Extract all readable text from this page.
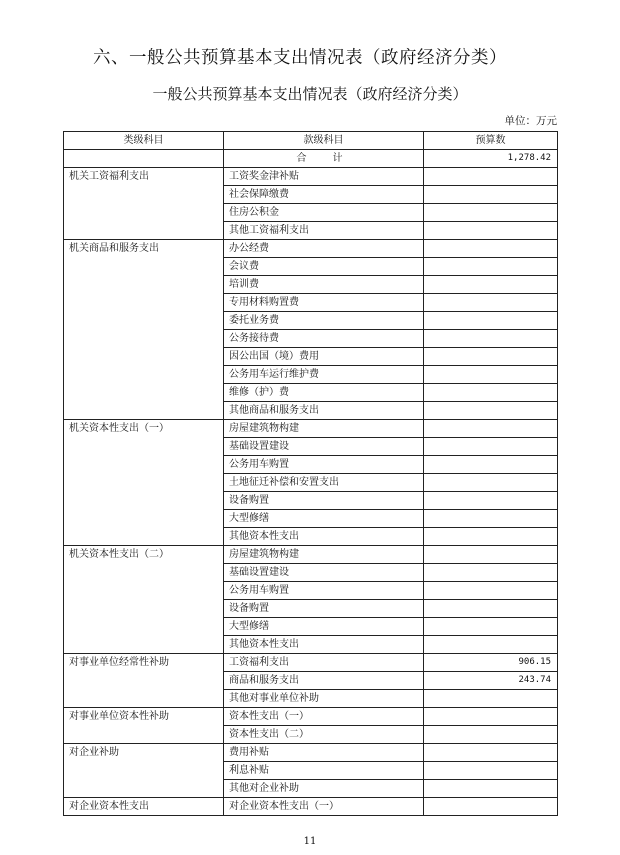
六、一般公共预算基本支出情况表（政府经济分类）
一般公共预算基本支出情况表（政府经济分类）
单位：万元
类级科目	款级科目	预算数
	合　计	1,278.42
机关工资福利支出	工资奖金津补贴	
	社会保障缴费	
	住房公积金	
	其他工资福利支出	
机关商品和服务支出	办公经费	
	会议费	
	培训费	
	专用材料购置费	
	委托业务费	
	公务接待费	
	因公出国（境）费用	
	公务用车运行维护费	
	维修（护）费	
	其他商品和服务支出	
机关资本性支出（一）	房屋建筑物构建	
	基础设置建设	
	公务用车购置	
	土地征迁补偿和安置支出	
	设备购置	
	大型修缮	
	其他资本性支出	
机关资本性支出（二）	房屋建筑物构建	
	基础设置建设	
	公务用车购置	
	设备购置	
	大型修缮	
	其他资本性支出	
对事业单位经常性补助	工资福利支出	906.15
	商品和服务支出	243.74
	其他对事业单位补助	
对事业单位资本性补助	资本性支出（一）	
	资本性支出（二）	
对企业补助	费用补贴	
	利息补贴	
	其他对企业补助	
对企业资本性支出	对企业资本性支出（一）	
11
